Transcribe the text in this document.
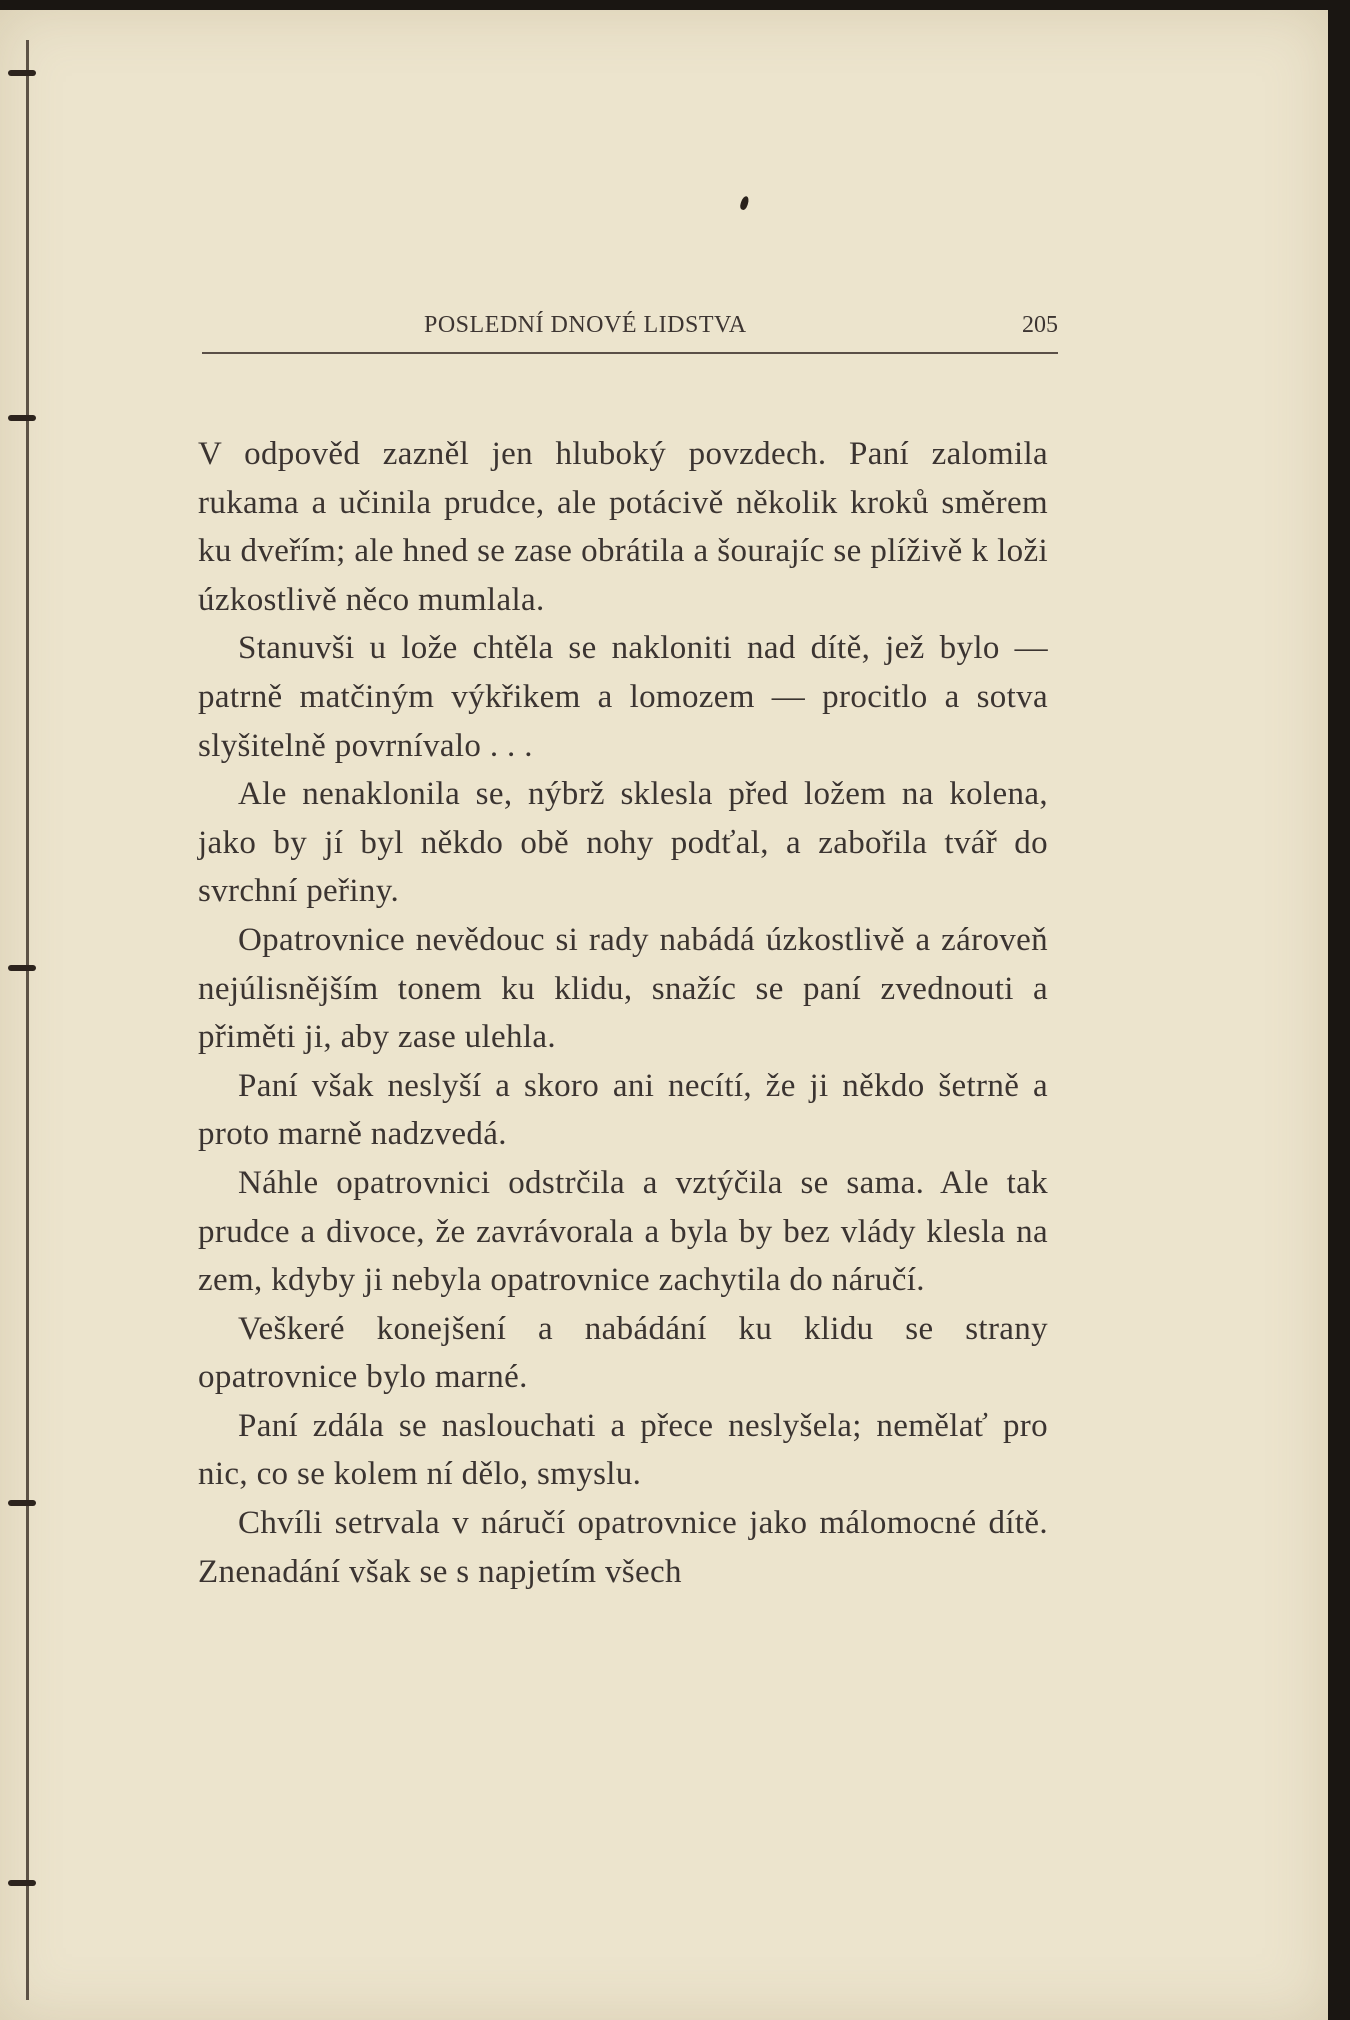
POSLEDNÍ DNOVÉ LIDSTVA	205

V odpověd zazněl jen hluboký povzdech. Paní zalomila rukama a učinila prudce, ale potácivě několik kroků směrem ku dveřím; ale hned se zase obrátila a šourajíc se plíživě k loži úzkostlivě něco mumlala.

Stanuvši u lože chtěla se nakloniti nad dítě, jež bylo — patrně matčiným výkřikem a lomozem — procitlo a sotva slyšitelně povrnívalo . . .

Ale nenaklonila se, nýbrž sklesla před ložem na kolena, jako by jí byl někdo obě nohy podťal, a zabořila tvář do svrchní peřiny.

Opatrovnice nevědouc si rady nabádá úzkostlivě a zároveň nejúlisnějším tonem ku klidu, snažíc se paní zvednouti a přiměti ji, aby zase ulehla.

Paní však neslyší a skoro ani necítí, že ji někdo šetrně a proto marně nadzvedá.

Náhle opatrovnici odstrčila a vztýčila se sama. Ale tak prudce a divoce, že zavrávorala a byla by bez vlády klesla na zem, kdyby ji nebyla opatrovnice zachytila do náručí.

Veškeré konejšení a nabádání ku klidu se strany opatrovnice bylo marné.

Paní zdála se naslouchati a přece neslyšela; nemělať pro nic, co se kolem ní dělo, smyslu.

Chvíli setrvala v náručí opatrovnice jako málomocné dítě. Znenadání však se s napjetím všech
